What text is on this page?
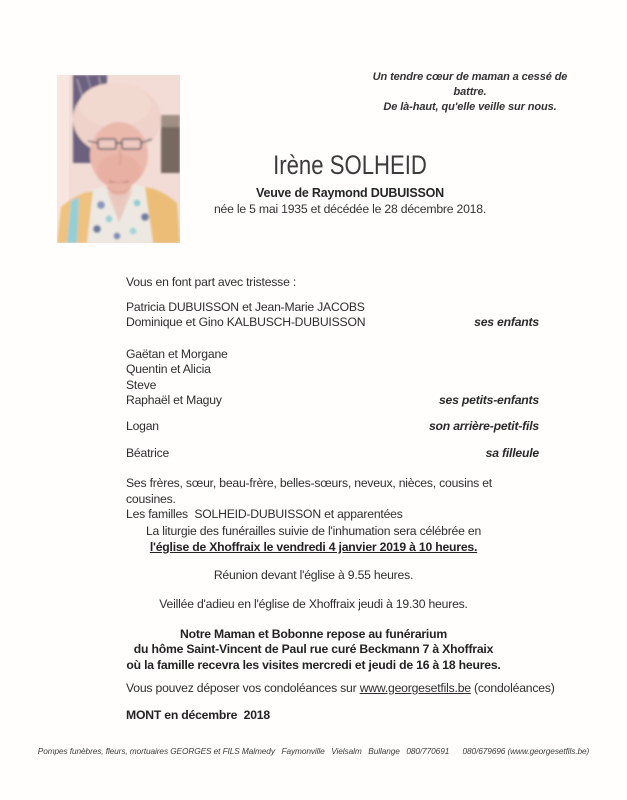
Un tendre cœur de maman a cessé de battre.
De là-haut, qu'elle veille sur nous.
Irène SOLHEID
Veuve de Raymond DUBUISSON
née le 5 mai 1935 et décédée le 28 décembre 2018.
Vous en font part avec tristesse :
Patricia DUBUISSON et Jean-Marie JACOBS
Dominique et Gino KALBUSCH-DUBUISSON	ses enfants
Gaëtan et Morgane
Quentin et Alicia
Steve
Raphaël et Maguy	ses petits-enfants
Logan	son arrière-petit-fils
Béatrice	sa filleule
Ses frères, sœur, beau-frère, belles-sœurs, neveux, nièces, cousins et cousines.
Les familles  SOLHEID-DUBUISSON et apparentées
La liturgie des funérailles suivie de l'inhumation sera célébrée en
l'église de Xhoffraix le vendredi 4 janvier 2019 à 10 heures.
Réunion devant l'église à 9.55 heures.
Veillée d'adieu en l'église de Xhoffraix jeudi à 19.30 heures.
Notre Maman et Bobonne repose au funérarium
du hôme Saint-Vincent de Paul rue curé Beckmann 7 à Xhoffraix
où la famille recevra les visites mercredi et jeudi de 16 à 18 heures.
Vous pouvez déposer vos condoléances sur www.georgesetfils.be (condoléances)
MONT en décembre  2018
Pompes funèbres, fleurs, mortuaires GEORGES et FILS Malmedy   Faymonville   Vielsalm   Bullange   080/770691      080/679696 (www.georgesetfils.be)
